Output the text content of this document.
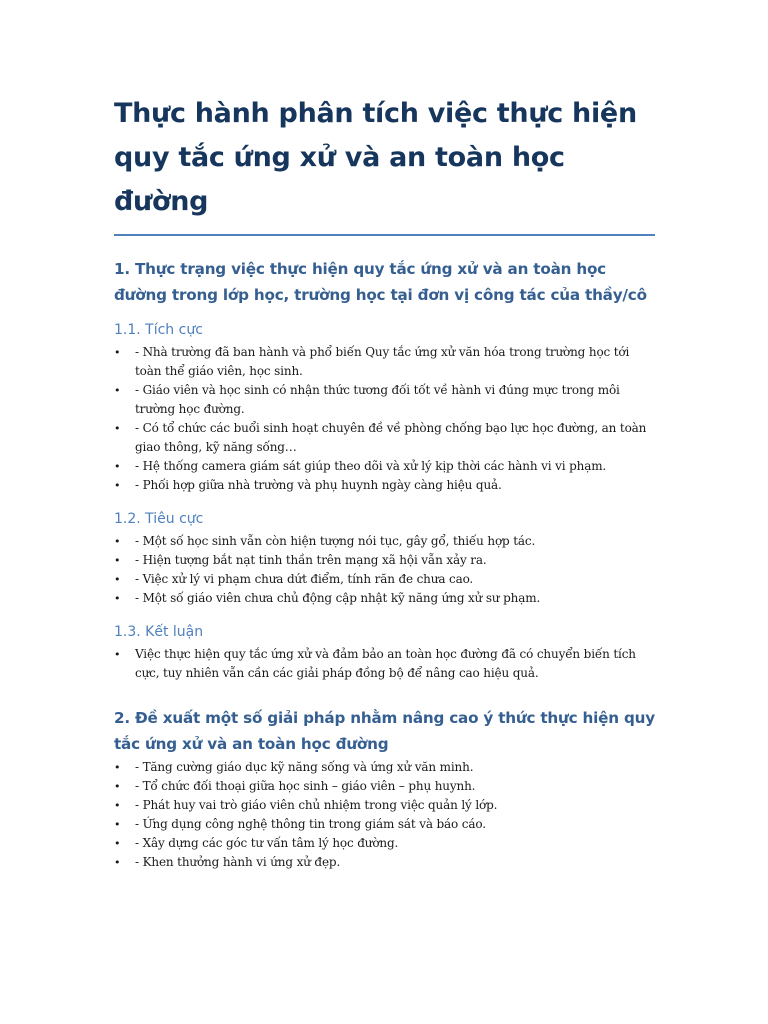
Thực hành phân tích việc thực hiện quy tắc ứng xử và an toàn học đường
1. Thực trạng việc thực hiện quy tắc ứng xử và an toàn học đường trong lớp học, trường học tại đơn vị công tác của thầy/cô
1.1. Tích cực
• - Nhà trường đã ban hành và phổ biến Quy tắc ứng xử văn hóa trong trường học tới toàn thể giáo viên, học sinh.
• - Giáo viên và học sinh có nhận thức tương đối tốt về hành vi đúng mực trong môi trường học đường.
• - Có tổ chức các buổi sinh hoạt chuyên đề về phòng chống bạo lực học đường, an toàn giao thông, kỹ năng sống…
• - Hệ thống camera giám sát giúp theo dõi và xử lý kịp thời các hành vi vi phạm.
• - Phối hợp giữa nhà trường và phụ huynh ngày càng hiệu quả.
1.2. Tiêu cực
• - Một số học sinh vẫn còn hiện tượng nói tục, gây gổ, thiếu hợp tác.
• - Hiện tượng bắt nạt tinh thần trên mạng xã hội vẫn xảy ra.
• - Việc xử lý vi phạm chưa dứt điểm, tính răn đe chưa cao.
• - Một số giáo viên chưa chủ động cập nhật kỹ năng ứng xử sư phạm.
1.3. Kết luận
• Việc thực hiện quy tắc ứng xử và đảm bảo an toàn học đường đã có chuyển biến tích cực, tuy nhiên vẫn cần các giải pháp đồng bộ để nâng cao hiệu quả.
2. Đề xuất một số giải pháp nhằm nâng cao ý thức thực hiện quy tắc ứng xử và an toàn học đường
• - Tăng cường giáo dục kỹ năng sống và ứng xử văn minh.
• - Tổ chức đối thoại giữa học sinh – giáo viên – phụ huynh.
• - Phát huy vai trò giáo viên chủ nhiệm trong việc quản lý lớp.
• - Ứng dụng công nghệ thông tin trong giám sát và báo cáo.
• - Xây dựng các góc tư vấn tâm lý học đường.
• - Khen thưởng hành vi ứng xử đẹp.
